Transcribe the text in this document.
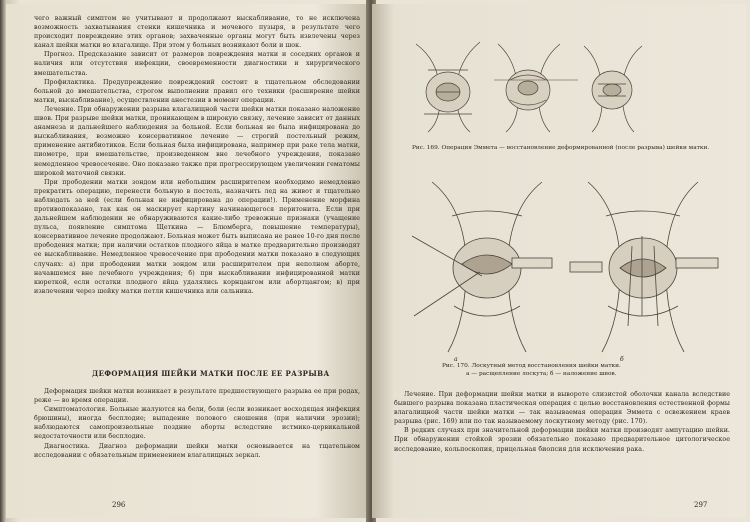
чего важный симптом не учитывают и продолжают выскабливание, то не исключена возможность захватывания стенки кишечника и мочевого пузыря, в результате чего происходит повреждение этих органов; захваченные органы могут быть извлечены через канал шейки матки во влагалище. При этом у больных возникают боли и шок.

Прогноз. Предсказание зависит от размеров повреждения матки и соседних органов и наличия или отсутствия инфекции, своевременности диагностики и хирургического вмешательства.

Профилактика. Предупреждение повреждений состоит в тщательном обследовании больной до вмешательства, строгом выполнении правил его техники (расширение шейки матки, выскабливание), осуществлении анестезии в момент операции.

Лечение. При обнаружении разрыва влагалищной части шейки матки показано наложение швов. При разрыве шейки матки, проникающем в широкую связку, лечение зависит от данных анамнеза и дальнейшего наблюдения за больной. Если больная не была инфицирована до выскабливания, возможно консервативное лечение — строгий постельный режим, применение антибиотиков. Если больная была инфицирована, например при раке тела матки, пиометре, при вмешательстве, произведенном вне лечебного учреждения, показано немедленное чревосечение. Оно показано также при прогрессирующем увеличении гематомы широкой маточной связки.

При прободении матки зондом или небольшим расширителем необходимо немедленно прекратить операцию, перенести больную в постель, назначить лед на живот и тщательно наблюдать за ней (если больная не инфицирована до операции!). Применение морфина противопоказано, так как он маскирует картину начинающегося перитонита. Если при дальнейшем наблюдении не обнаруживаются какие-либо тревожные признаки (учащение пульса, появление симптома Щеткина — Блюмберга, повышение температуры), консервативное лечение продолжают. Больная может быть выписана не ранее 10-го дня после прободения матки; при наличии остатков плодного яйца в матке предварительно производят ее выскабливание. Немедленное чревосечение при прободении матки показано в следующих случаях: а) при прободении матки зондом или расширителем при неполном аборте, начавшемся вне лечебного учреждения; б) при выскабливании инфицированной матки кюреткой, если остатки плодного яйца удалялись корнцангом или абортцангом; в) при извлечении через шейку матки петли кишечника или сальника.

ДЕФОРМАЦИЯ ШЕЙКИ МАТКИ ПОСЛЕ ЕЕ РАЗРЫВА

Деформация шейки матки возникает в результате предшествующего разрыва ее при родах, реже — во время операции.

Симптоматология. Больные жалуются на бели, боли (если возникает восходящая инфекция брюшины), иногда бесплодие; выпадение полового сношения (при наличии эрозии); наблюдаются самопроизвольные поздние аборты вследствие истмико-цервикальной недостаточности или бесплодие.

Диагностика. Диагноз деформации шейки матки основывается на тщательном исследовании с обязательным применением влагалищных зеркал.

296
Рис. 169. Операция Эммета — восстановление деформированной (после разрыва) шейки матки.
а	б
Рис. 170. Лоскутный метод восстановления шейки матки.
а — расщепление лоскута; б — наложение швов.

Лечение. При деформации шейки матки и вывороте слизистой оболочки канала вследствие бывшего разрыва показана пластическая операция с целью восстановления естественной формы влагалищной части шейки матки — так называемая операция Эммета с освежением краев разрыва (рис. 169) или по так называемому лоскутному методу (рис. 170).

В редких случаях при значительной деформации шейки матки производят ампутацию шейки. При обнаружении стойкой эрозии обязательно показано предварительное цитологическое исследование, кольпоскопия, прицельная биопсия для исключения рака.

297
